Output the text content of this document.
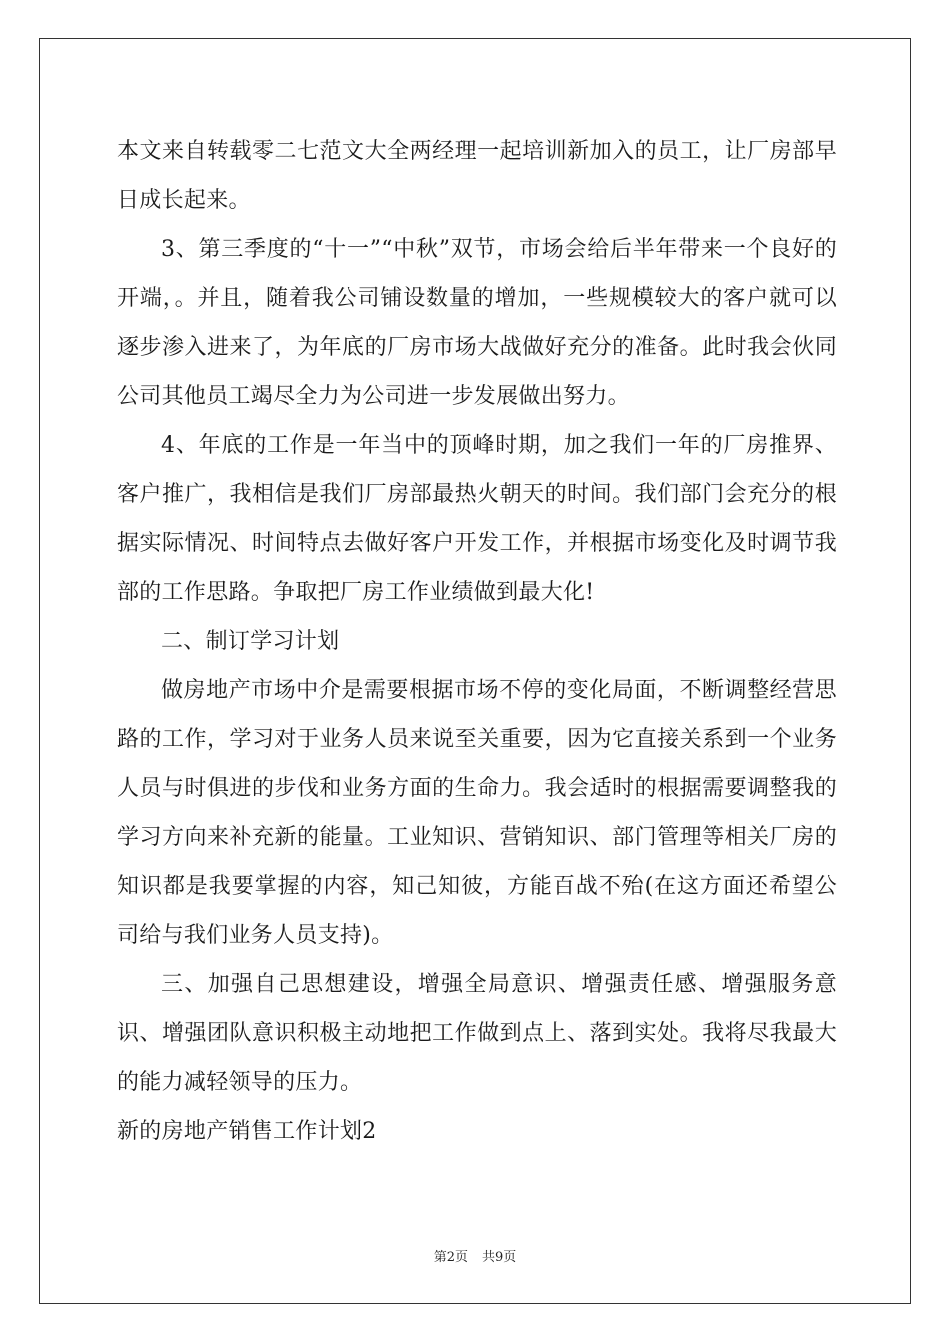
本文来自转载零二七范文大全两经理一起培训新加入的员工，让厂房部早日成长起来。

3、第三季度的“十一”“中秋”双节，市场会给后半年带来一个良好的开端，。并且，随着我公司铺设数量的增加，一些规模较大的客户就可以逐步渗入进来了，为年底的厂房市场大战做好充分的准备。此时我会伙同公司其他员工竭尽全力为公司进一步发展做出努力。

4、年底的工作是一年当中的顶峰时期，加之我们一年的厂房推界、客户推广，我相信是我们厂房部最热火朝天的时间。我们部门会充分的根据实际情况、时间特点去做好客户开发工作，并根据市场变化及时调节我部的工作思路。争取把厂房工作业绩做到最大化!

二、制订学习计划

做房地产市场中介是需要根据市场不停的变化局面，不断调整经营思路的工作，学习对于业务人员来说至关重要，因为它直接关系到一个业务人员与时俱进的步伐和业务方面的生命力。我会适时的根据需要调整我的学习方向来补充新的能量。工业知识、营销知识、部门管理等相关厂房的知识都是我要掌握的内容，知己知彼，方能百战不殆(在这方面还希望公司给与我们业务人员支持)。

三、加强自己思想建设，增强全局意识、增强责任感、增强服务意识、增强团队意识积极主动地把工作做到点上、落到实处。我将尽我最大的能力减轻领导的压力。

新的房地产销售工作计划2

第2页 共9页
